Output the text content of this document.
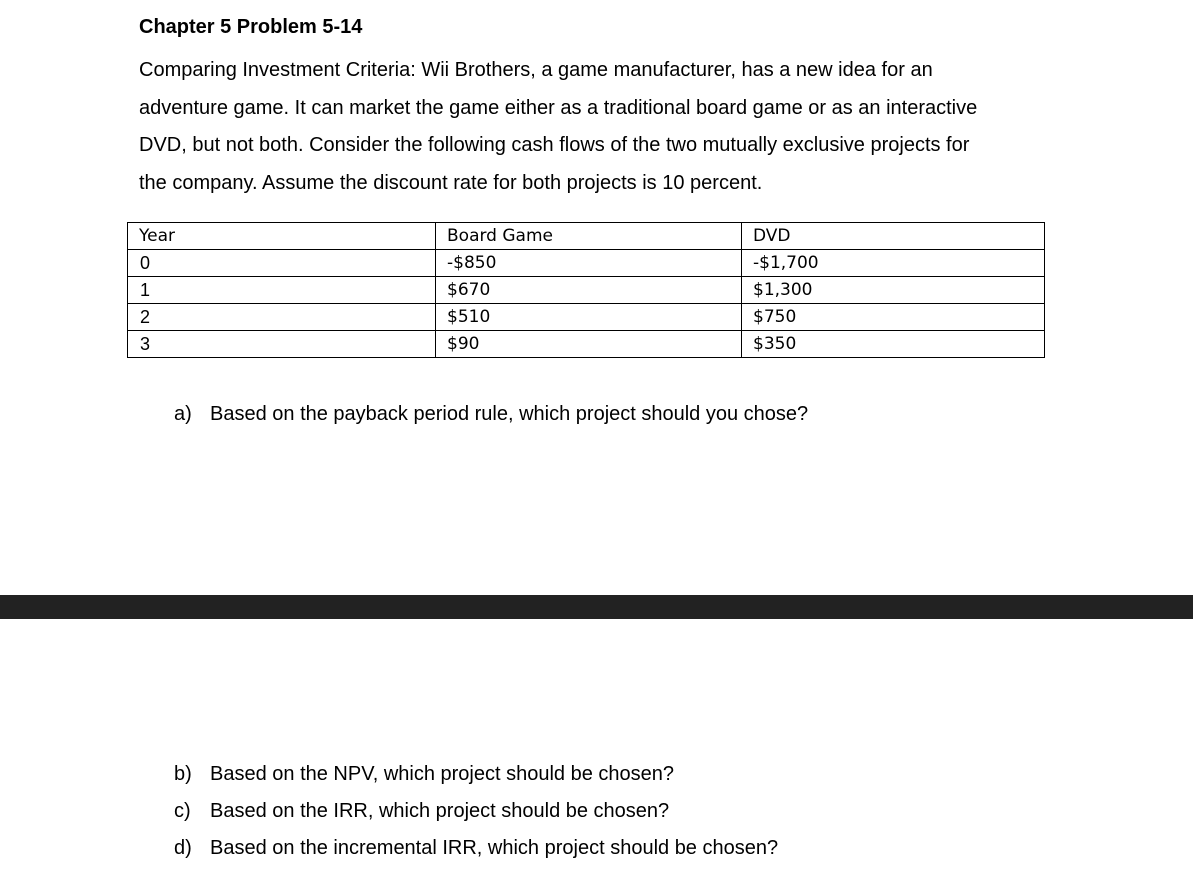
Chapter 5 Problem 5-14
Comparing Investment Criteria: Wii Brothers, a game manufacturer, has a new idea for an
adventure game. It can market the game either as a traditional board game or as an interactive
DVD, but not both. Consider the following cash flows of the two mutually exclusive projects for
the company. Assume the discount rate for both projects is 10 percent.
Year	Board Game	DVD
0	-$850	-$1,700
1	$670	$1,300
2	$510	$750
3	$90	$350
a) Based on the payback period rule, which project should you chose?
b) Based on the NPV, which project should be chosen?
c) Based on the IRR, which project should be chosen?
d) Based on the incremental IRR, which project should be chosen?
